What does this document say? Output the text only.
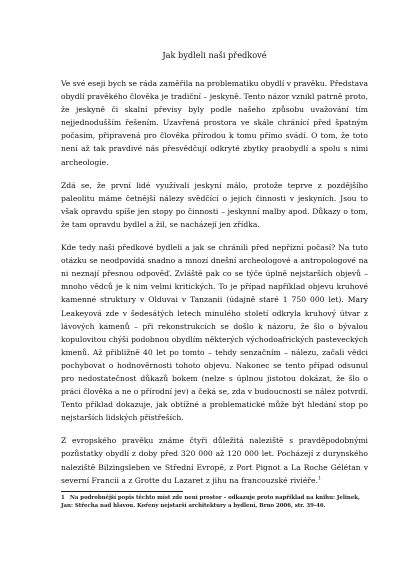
Jak bydleli naši předkové

Ve své eseji bych se ráda zaměřila na problematiku obydlí v pravěku. Představa obydlí pravěkého člověka je tradiční – jeskyně. Tento názor vznikl patrně proto, že jeskyně či skalní převisy byly podle našeho způsobu uvažování tím nejjednodušším řešením. Uzavřená prostora ve skále chránící před špatným počasím, připravená pro člověka přírodou k tomu přímo svádí. O tom, že toto není až tak pravdivé nás přesvědčují odkryté zbytky praobydlí a spolu s nimi archeologie.

Zdá se, že první lidé využívali jeskyní málo, protože teprve z pozdějšího paleolitu máme četnější nálezy svědčící o jejich činnosti v jeskyních. Jsou to však opravdu spíše jen stopy po činnosti – jeskynní malby apod. Důkazy o tom, že tam opravdu bydlel a žil, se nacházejí jen zřídka.

Kde tedy naši předkové bydleli a jak se chránili před nepřízní počasí? Na tuto otázku se neodpovídá snadno a mnozí dnešní archeologové a antropologové na ni neznají přesnou odpověď. Zvláště pak co se týče úplně nejstarších objevů – mnoho vědců je k nim velmi kritických. To je případ například objevu kruhové kamenné struktury v Olduvai v Tanzanii (údajně staré 1 750 000 let). Mary Leakeyová zde v šedesátých letech minulého století odkryla kruhový útvar z lávových kamenů – při rekonstrukcích se došlo k názoru, že šlo o bývalou kopulovitou chýši podobnou obydlím některých východoafrických pasteveckých kmenů. Až přibližně 40 let po tomto – tehdy senzačním – nálezu, začali vědci pochybovat o hodnověrnosti tohoto objevu. Nakonec se tento případ odsunul pro nedostatečnost důkazů bokem (nelze s úplnou jistotou dokázat, že šlo o práci člověka a ne o přírodní jev) a čeká se, zda v budoucnosti se nález potvrdí. Tento příklad dokazuje, jak obtížné a problematické může být hledání stop po nejstarších lidských přístřeších.

Z evropského pravěku známe čtyři důležitá naleziště s pravděpodobnými pozůstatky obydlí z doby před 320 000 až 120 000 let. Pocházejí z durynského naleziště Bilzingsleben ve Střední Evropě, z Port Pignot a La Roche Gélétan v severní Francii a z Grotte du Lazaret z jihu na francouzské riviéře.$^1$

1 Na podrobnější popis těchto míst zde není prostor – odkazuje proto například na knihu: Jelínek, Jan: Střecha nad hlavou. Kořeny nejstarší architektury a bydlení, Brno 2006, str. 39-46.
